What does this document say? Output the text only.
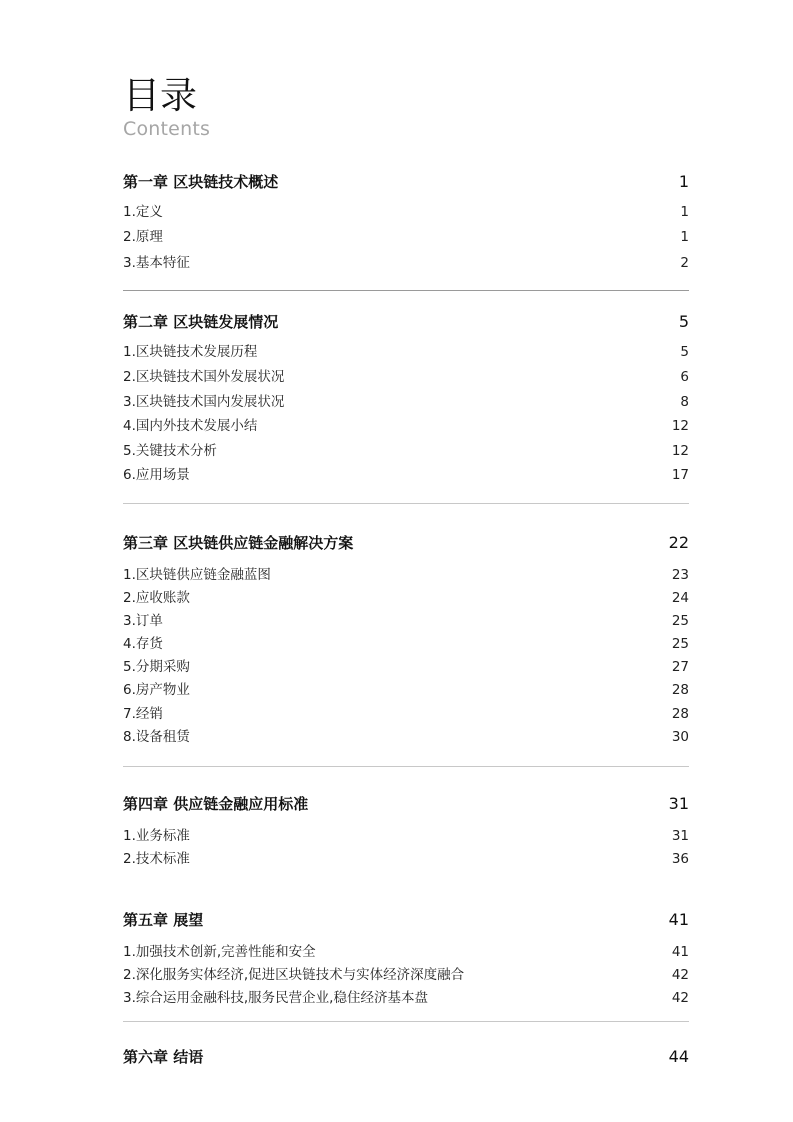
目录
Contents
第一章 区块链技术概述	1
1.定义	1
2.原理	1
3.基本特征	2
第二章 区块链发展情况	5
1.区块链技术发展历程	5
2.区块链技术国外发展状况	6
3.区块链技术国内发展状况	8
4.国内外技术发展小结	12
5.关键技术分析	12
6.应用场景	17
第三章 区块链供应链金融解决方案	22
1.区块链供应链金融蓝图	23
2.应收账款	24
3.订单	25
4.存货	25
5.分期采购	27
6.房产物业	28
7.经销	28
8.设备租赁	30
第四章 供应链金融应用标准	31
1.业务标准	31
2.技术标准	36
第五章 展望	41
1.加强技术创新,完善性能和安全	41
2.深化服务实体经济,促进区块链技术与实体经济深度融合	42
3.综合运用金融科技,服务民营企业,稳住经济基本盘	42
第六章 结语	44
